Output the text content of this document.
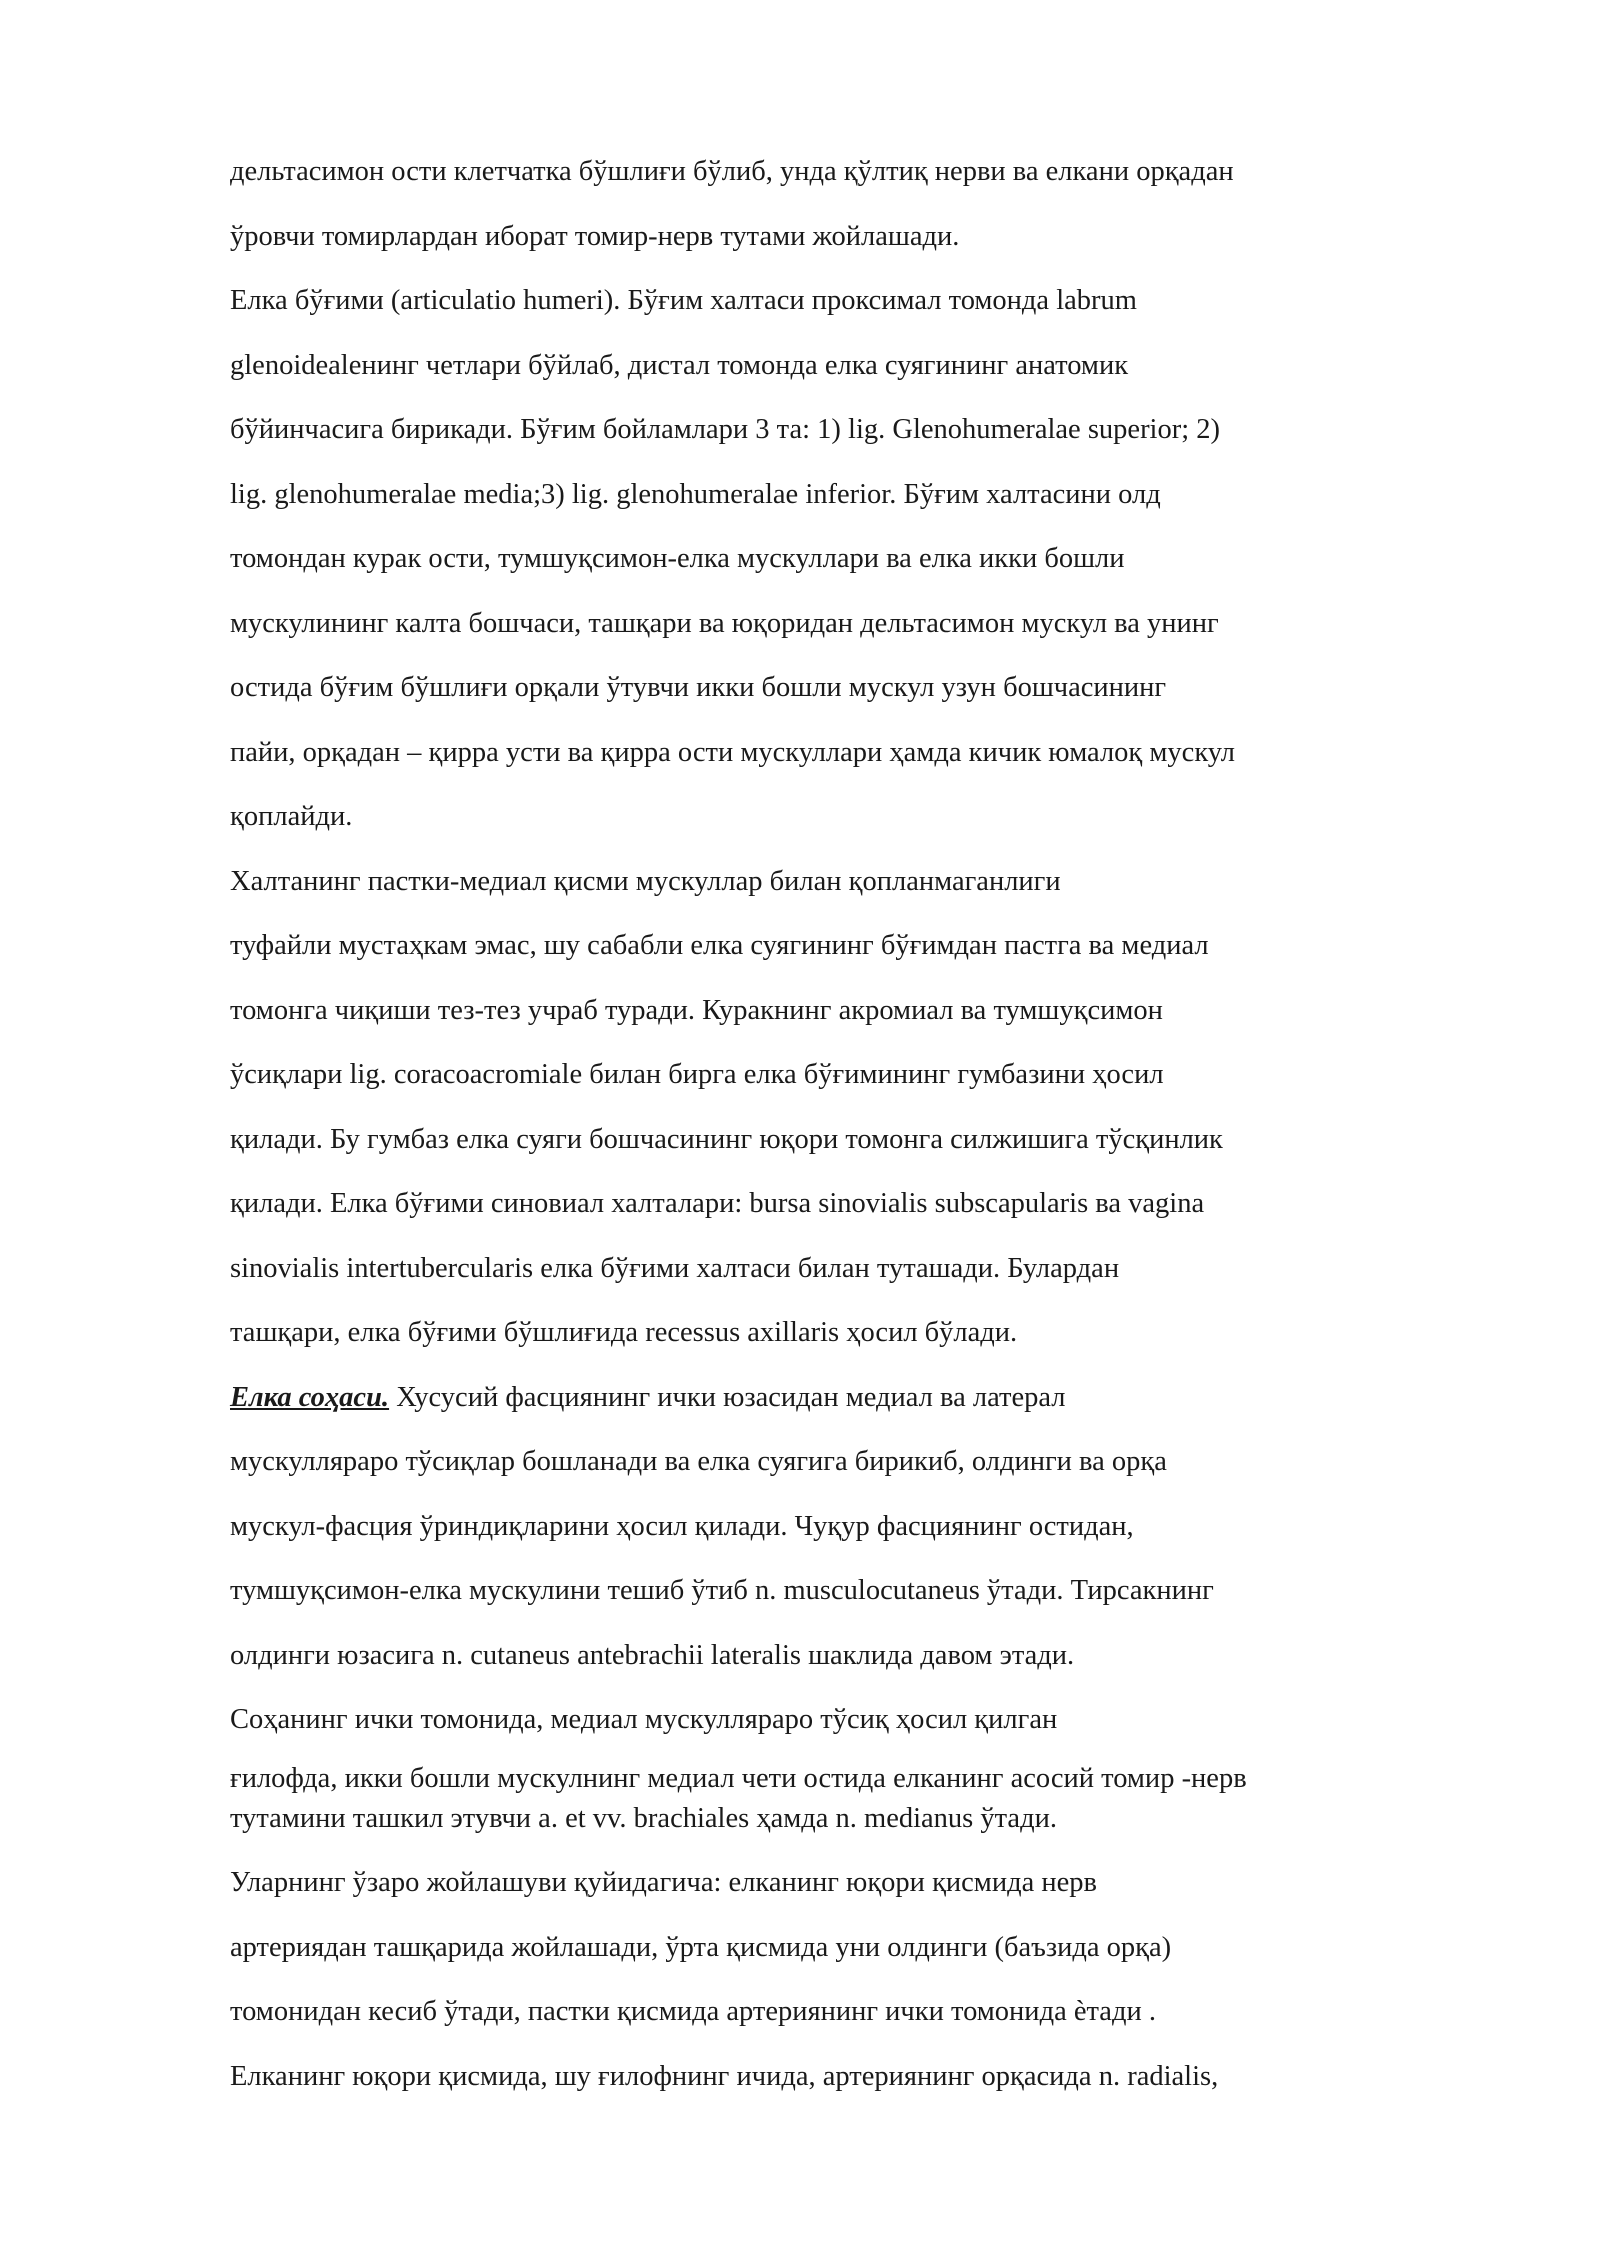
дельтасимон ости клетчатка бўшлиғи бўлиб, унда қўлтиқ нерви ва елкани орқадан
ўровчи томирлардан иборат томир-нерв тутами жойлашади.
Елка бўғими (articulatio humeri). Бўғим халтаси проксимал томонда labrum
glenoidealенинг четлари бўйлаб, дистал томонда елка суягининг анатомик
бўйинчасига бирикади. Бўғим бойламлари 3 та: 1) lig. Glenohumeralae superior; 2)
lig. glenohumeralae media;3) lig. glenohumeralae inferior. Бўғим халтасини олд
томондан курак ости, тумшуқсимон-елка мускуллари ва елка икки бошли
мускулининг калта бошчаси, ташқари ва юқоридан дельтасимон мускул ва унинг
остида бўғим бўшлиғи орқали ўтувчи икки бошли мускул узун бошчасининг
пайи, орқадан – қирра усти ва қирра ости мускуллари ҳамда кичик юмалоқ мускул
қоплайди.
Халтанинг пастки-медиал қисми мускуллар билан қопланмаганлиги
туфайли мустаҳкам эмас, шу сабабли елка суягининг бўғимдан пастга ва медиал
томонга чиқиши тез-тез учраб туради. Куракнинг акромиал ва тумшуқсимон
ўсиқлари lig. coracoacromiale билан бирга елка бўғимининг гумбазини ҳосил
қилади. Бу гумбаз елка суяги бошчасининг юқори томонга силжишига тўсқинлик
қилади. Елка бўғими синовиал халталари: bursa sinovialis subscapularis ва vagina
sinovialis intertubercularis елка бўғими халтаси билан туташади. Булардан
ташқари, елка бўғими бўшлиғида recessus axillaris ҳосил бўлади.
Елка соҳаси. Хусусий фасциянинг ички юзасидан медиал ва латерал
мускулляраро тўсиқлар бошланади ва елка суягига бирикиб, олдинги ва орқа
мускул-фасция ўриндиқларини ҳосил қилади. Чуқур фасциянинг остидан,
тумшуқсимон-елка мускулини тешиб ўтиб n. musculocutaneus ўтади. Тирсакнинг
олдинги юзасига n. cutaneus antebrachii lateralis шаклида давом этади.
Соҳанинг ички томонида, медиал мускулляраро тўсиқ ҳосил қилган
ғилофда, икки бошли мускулнинг медиал чети остида елканинг асосий томир -нерв
тутамини ташкил этувчи a. et vv. brachiales ҳамда n. medianus ўтади.
Уларнинг ўзаро жойлашуви қуйидагича: елканинг юқори қисмида нерв
артериядан ташқарида жойлашади, ўрта қисмида уни олдинги (баъзида орқа)
томонидан кесиб ўтади, пастки қисмида артериянинг ички томонида ѐтади .
Елканинг юқори қисмида, шу ғилофнинг ичида, артериянинг орқасида n. radialis,
